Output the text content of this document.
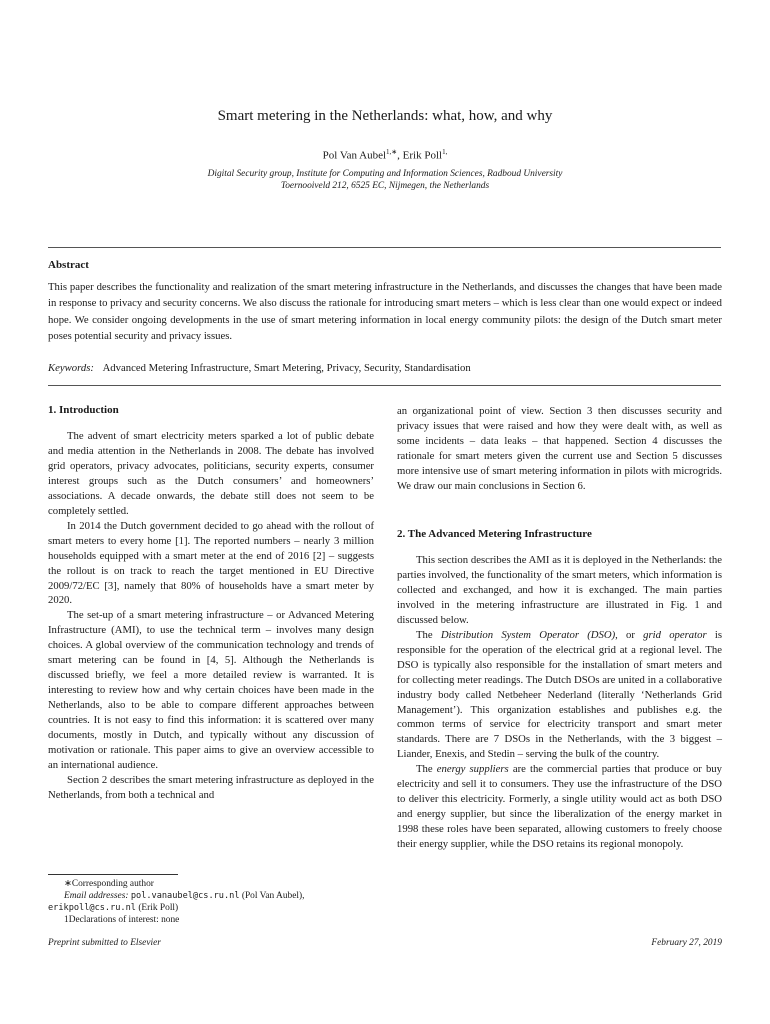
Smart metering in the Netherlands: what, how, and why
Pol Van Aubel$^{1,∗}$, Erik Poll$^{1,}$
Digital Security group, Institute for Computing and Information Sciences, Radboud University
Toernooiveld 212, 6525 EC, Nijmegen, the Netherlands
Abstract
This paper describes the functionality and realization of the smart metering infrastructure in the Netherlands, and discusses the changes that have been made in response to privacy and security concerns. We also discuss the rationale for introducing smart meters – which is less clear than one would expect or indeed hope. We consider ongoing developments in the use of smart metering information in local energy community pilots: the design of the Dutch smart meter poses potential security and privacy issues.
Keywords: Advanced Metering Infrastructure, Smart Metering, Privacy, Security, Standardisation
1. Introduction

The advent of smart electricity meters sparked a lot of public debate and media attention in the Netherlands in 2008. The debate has involved grid operators, privacy advocates, politicians, security experts, consumer interest groups such as the Dutch consumers’ and homeowners’ associations. A decade onwards, the debate still does not seem to be completely settled.

In 2014 the Dutch government decided to go ahead with the rollout of smart meters to every home [1]. The reported numbers – nearly 3 million households equipped with a smart meter at the end of 2016 [2] – suggests the rollout is on track to reach the target mentioned in EU Directive 2009/72/EC [3], namely that 80% of households have a smart meter by 2020.

The set-up of a smart metering infrastructure – or Advanced Metering Infrastructure (AMI), to use the technical term – involves many design choices. A global overview of the communication technology and trends of smart metering can be found in [4, 5]. Although the Netherlands is discussed briefly, we feel a more detailed review is warranted. It is interesting to review how and why certain choices have been made in the Netherlands, also to be able to compare different approaches between countries. It is not easy to find this information: it is scattered over many documents, mostly in Dutch, and typically without any discussion of motivation or rationale. This paper aims to give an overview accessible to an international audience.

Section 2 describes the smart metering infrastructure as deployed in the Netherlands, from both a technical and

∗Corresponding author
Email addresses: pol.vanaubel@cs.ru.nl (Pol Van Aubel),
erikpoll@cs.ru.nl (Erik Poll)
1Declarations of interest: none

an organizational point of view. Section 3 then discusses security and privacy issues that were raised and how they were dealt with, as well as some incidents – data leaks – that happened. Section 4 discusses the rationale for smart meters given the current use and Section 5 discusses more intensive use of smart metering information in pilots with microgrids. We draw our main conclusions in Section 6.

2. The Advanced Metering Infrastructure

This section describes the AMI as it is deployed in the Netherlands: the parties involved, the functionality of the smart meters, which information is collected and exchanged, and how it is exchanged. The main parties involved in the metering infrastructure are illustrated in Fig. 1 and discussed below.

The Distribution System Operator (DSO), or grid operator is responsible for the operation of the electrical grid at a regional level. The DSO is typically also responsible for the installation of smart meters and for collecting meter readings. The Dutch DSOs are united in a collaborative industry body called Netbeheer Nederland (literally ‘Netherlands Grid Management’). This organization establishes and publishes e.g. the common terms of service for electricity transport and smart meter standards. There are 7 DSOs in the Netherlands, with the 3 biggest – Liander, Enexis, and Stedin – serving the bulk of the country.

The energy suppliers are the commercial parties that produce or buy electricity and sell it to consumers. They use the infrastructure of the DSO to deliver this electricity. Formerly, a single utility would act as both DSO and energy supplier, but since the liberalization of the energy market in 1998 these roles have been separated, allowing customers to freely choose their energy supplier, while the DSO retains its regional monopoly.

Preprint submitted to Elsevier	February 27, 2019
